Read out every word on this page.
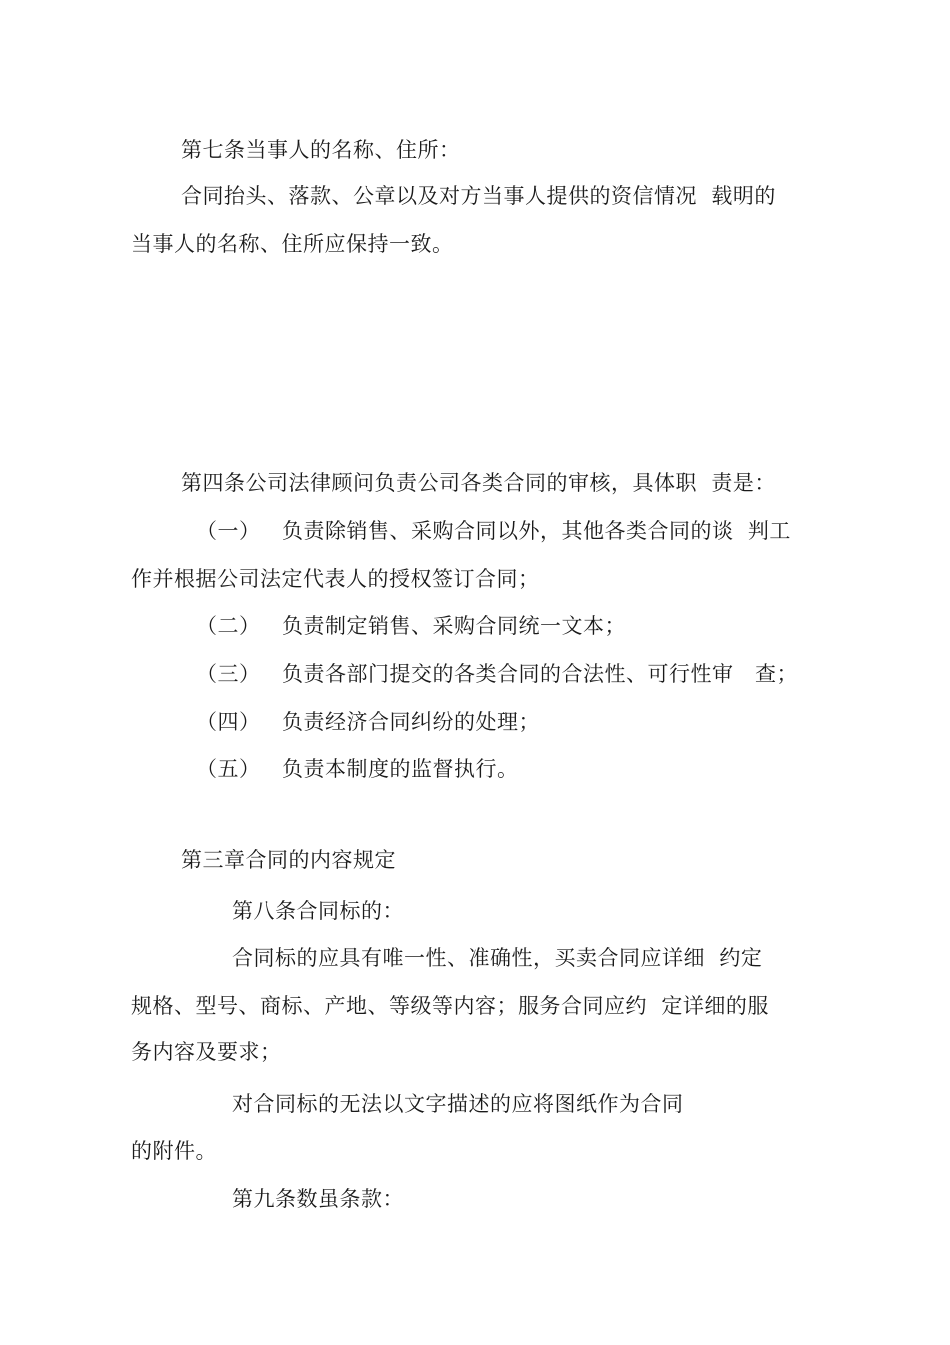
第七条当事人的名称、住所：
合同抬头、落款、公章以及对方当事人提供的资信情况  载明的
当事人的名称、住所应保持一致。
第四条公司法律顾问负责公司各类合同的审核，具体职  责是：
（一）   负责除销售、采购合同以外，其他各类合同的谈  判工
作并根据公司法定代表人的授权签订合同；
（二）   负责制定销售、采购合同统一文本；
（三）   负责各部门提交的各类合同的合法性、可行性审   查；
（四）   负责经济合同纠纷的处理；
（五）   负责本制度的监督执行。
第三章合同的内容规定
第八条合同标的：
合同标的应具有唯一性、准确性，买卖合同应详细  约定
规格、型号、商标、产地、等级等内容；服务合同应约  定详细的服
务内容及要求；
对合同标的无法以文字描述的应将图纸作为合同
的附件。
第九条数虽条款：
